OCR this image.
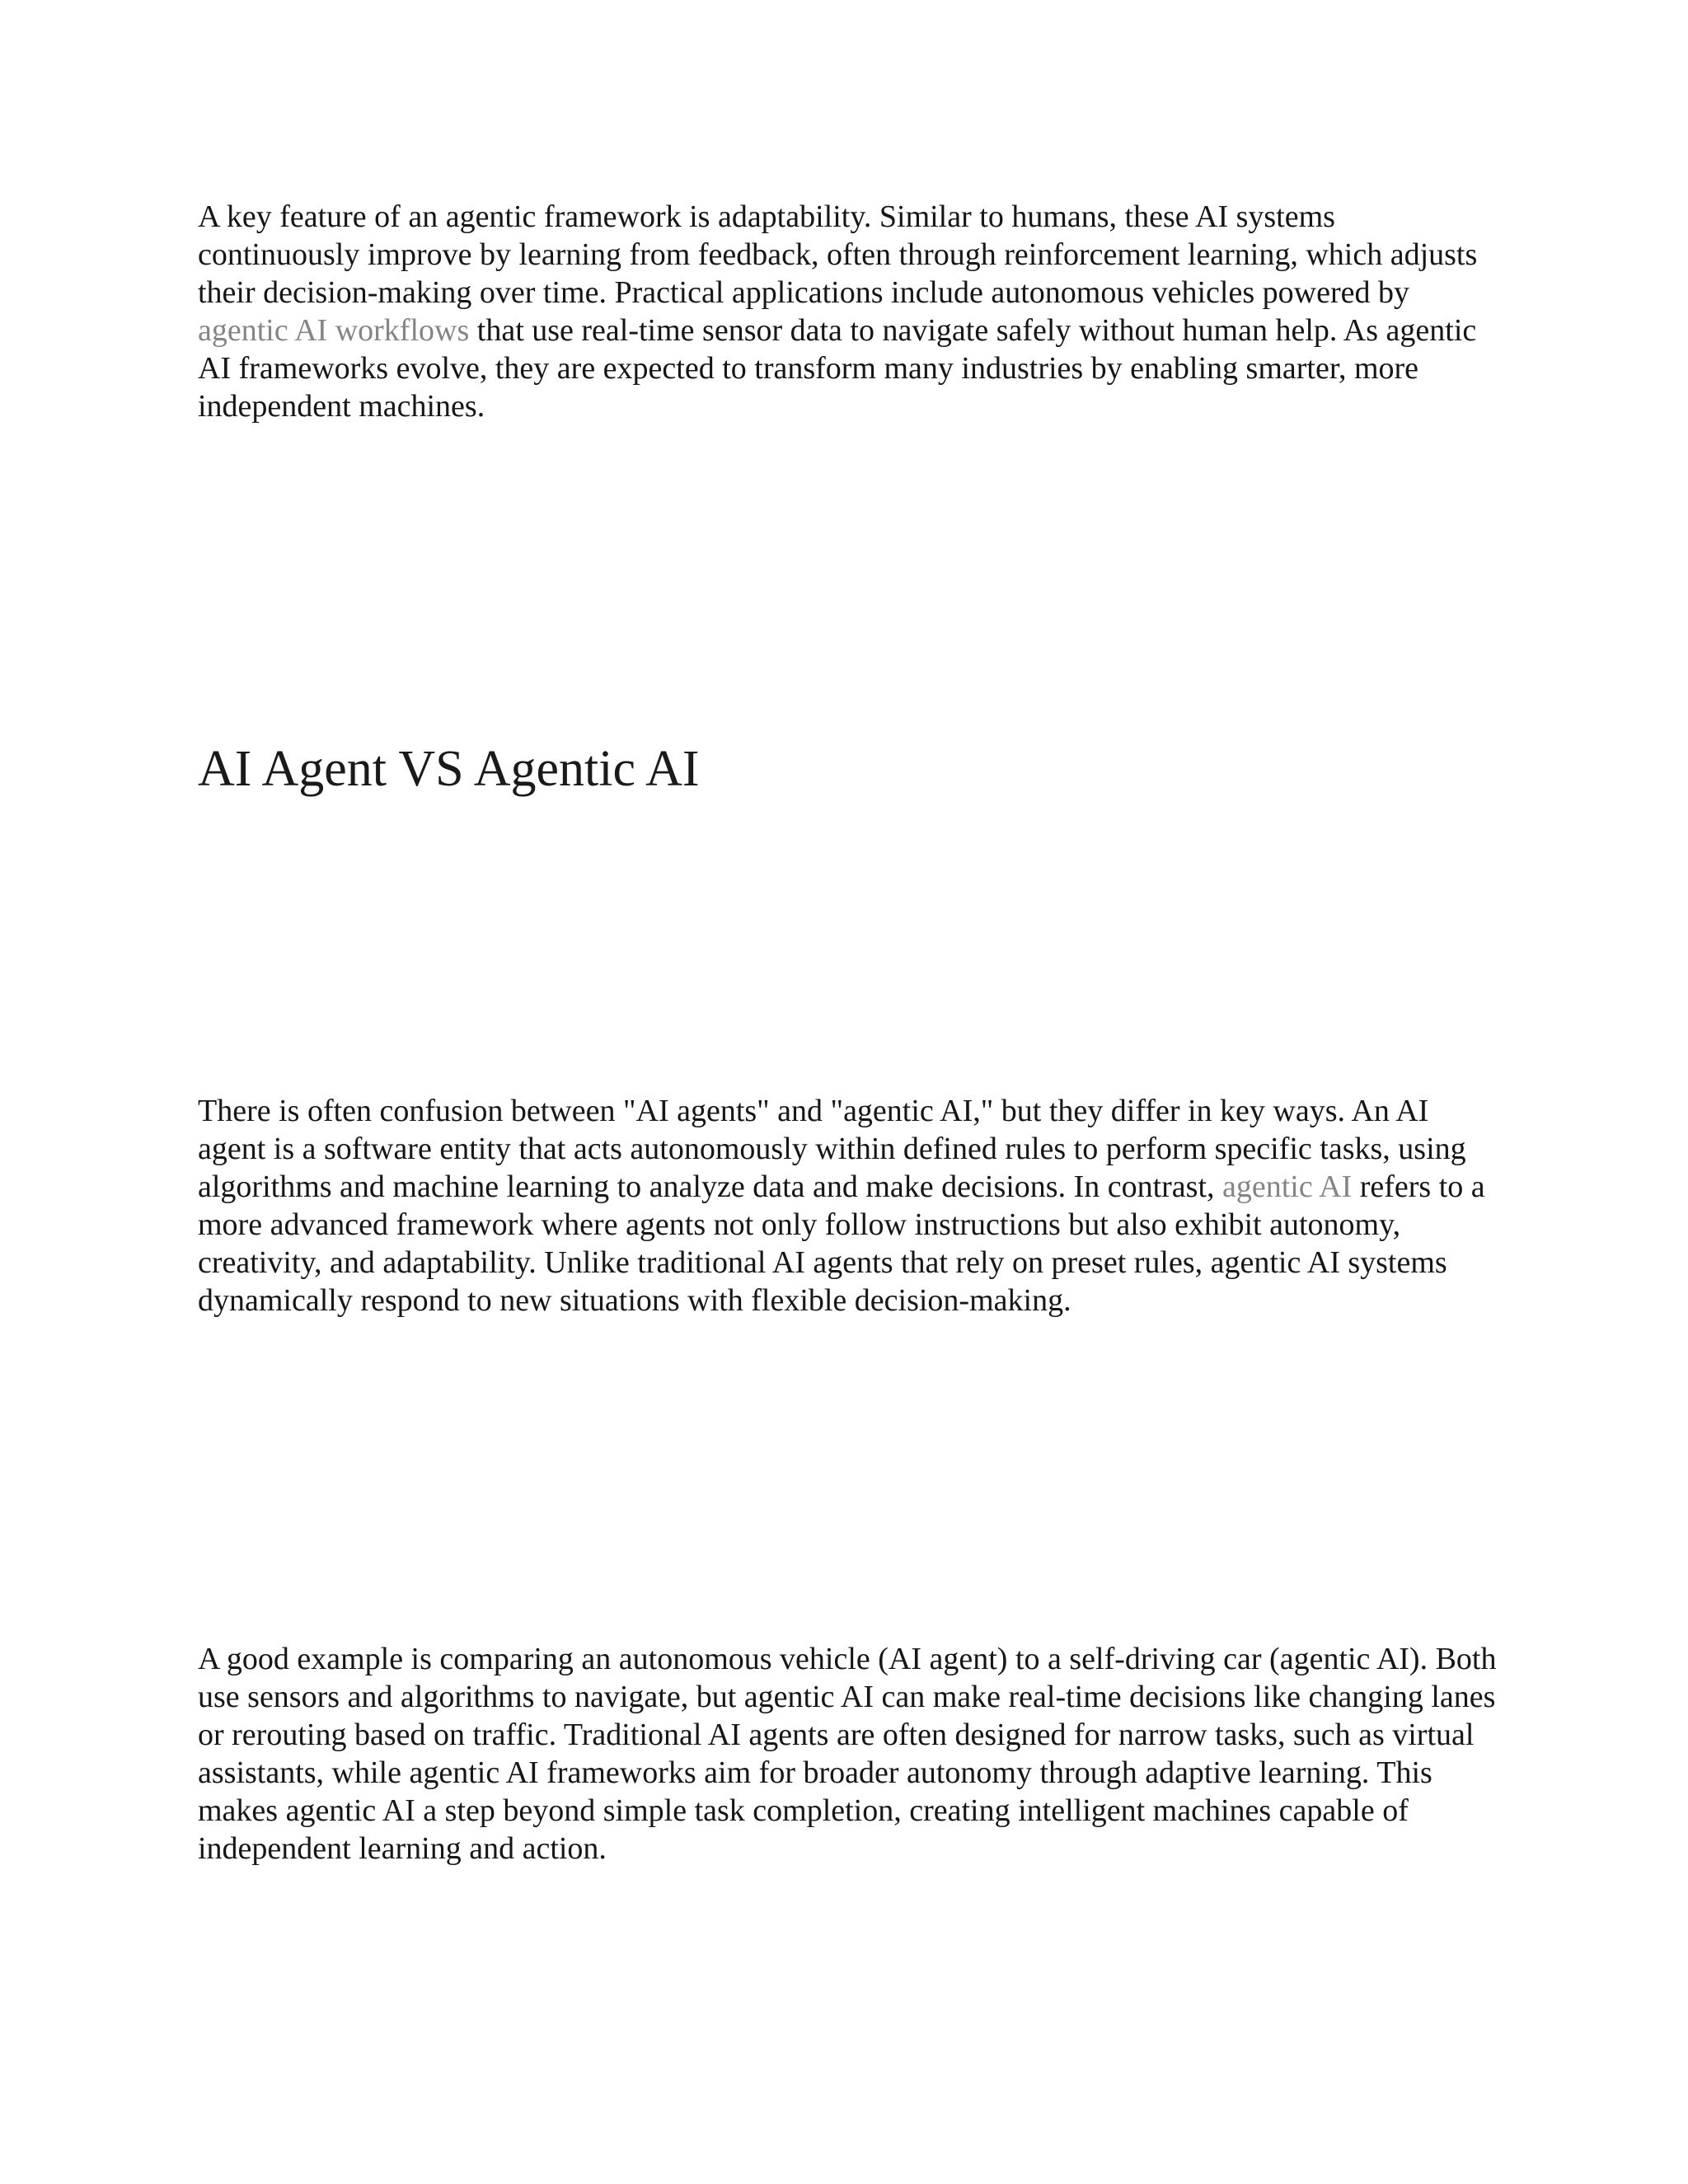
A key feature of an agentic framework is adaptability. Similar to humans, these AI systems continuously improve by learning from feedback, often through reinforcement learning, which adjusts their decision-making over time. Practical applications include autonomous vehicles powered by agentic AI workflows that use real-time sensor data to navigate safely without human help. As agentic AI frameworks evolve, they are expected to transform many industries by enabling smarter, more independent machines.

AI Agent VS Agentic AI

There is often confusion between "AI agents" and "agentic AI," but they differ in key ways. An AI agent is a software entity that acts autonomously within defined rules to perform specific tasks, using algorithms and machine learning to analyze data and make decisions. In contrast, agentic AI refers to a more advanced framework where agents not only follow instructions but also exhibit autonomy, creativity, and adaptability. Unlike traditional AI agents that rely on preset rules, agentic AI systems dynamically respond to new situations with flexible decision-making.

A good example is comparing an autonomous vehicle (AI agent) to a self-driving car (agentic AI). Both use sensors and algorithms to navigate, but agentic AI can make real-time decisions like changing lanes or rerouting based on traffic. Traditional AI agents are often designed for narrow tasks, such as virtual assistants, while agentic AI frameworks aim for broader autonomy through adaptive learning. This makes agentic AI a step beyond simple task completion, creating intelligent machines capable of independent learning and action.
